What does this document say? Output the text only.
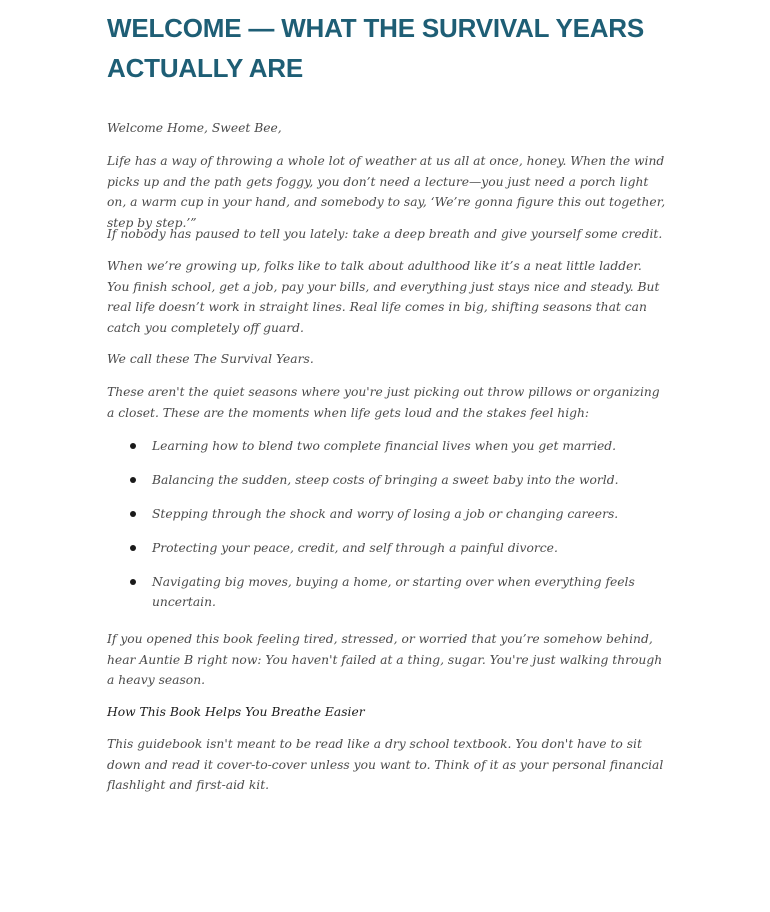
WELCOME — WHAT THE SURVIVAL YEARS ACTUALLY ARE

Welcome Home, Sweet Bee,

Life has a way of throwing a whole lot of weather at us all at once, honey. When the wind picks up and the path gets foggy, you don’t need a lecture—you just need a porch light on, a warm cup in your hand, and somebody to say, ‘We’re gonna figure this out together, step by step.’”

If nobody has paused to tell you lately: take a deep breath and give yourself some credit.

When we’re growing up, folks like to talk about adulthood like it’s a neat little ladder. You finish school, get a job, pay your bills, and everything just stays nice and steady. But real life doesn’t work in straight lines. Real life comes in big, shifting seasons that can catch you completely off guard.

We call these The Survival Years.

These aren't the quiet seasons where you're just picking out throw pillows or organizing a closet. These are the moments when life gets loud and the stakes feel high:

Learning how to blend two complete financial lives when you get married.
Balancing the sudden, steep costs of bringing a sweet baby into the world.
Stepping through the shock and worry of losing a job or changing careers.
Protecting your peace, credit, and self through a painful divorce.
Navigating big moves, buying a home, or starting over when everything feels uncertain.

If you opened this book feeling tired, stressed, or worried that you’re somehow behind, hear Auntie B right now: You haven't failed at a thing, sugar. You're just walking through a heavy season.

How This Book Helps You Breathe Easier

This guidebook isn't meant to be read like a dry school textbook. You don't have to sit down and read it cover-to-cover unless you want to. Think of it as your personal financial flashlight and first-aid kit.
